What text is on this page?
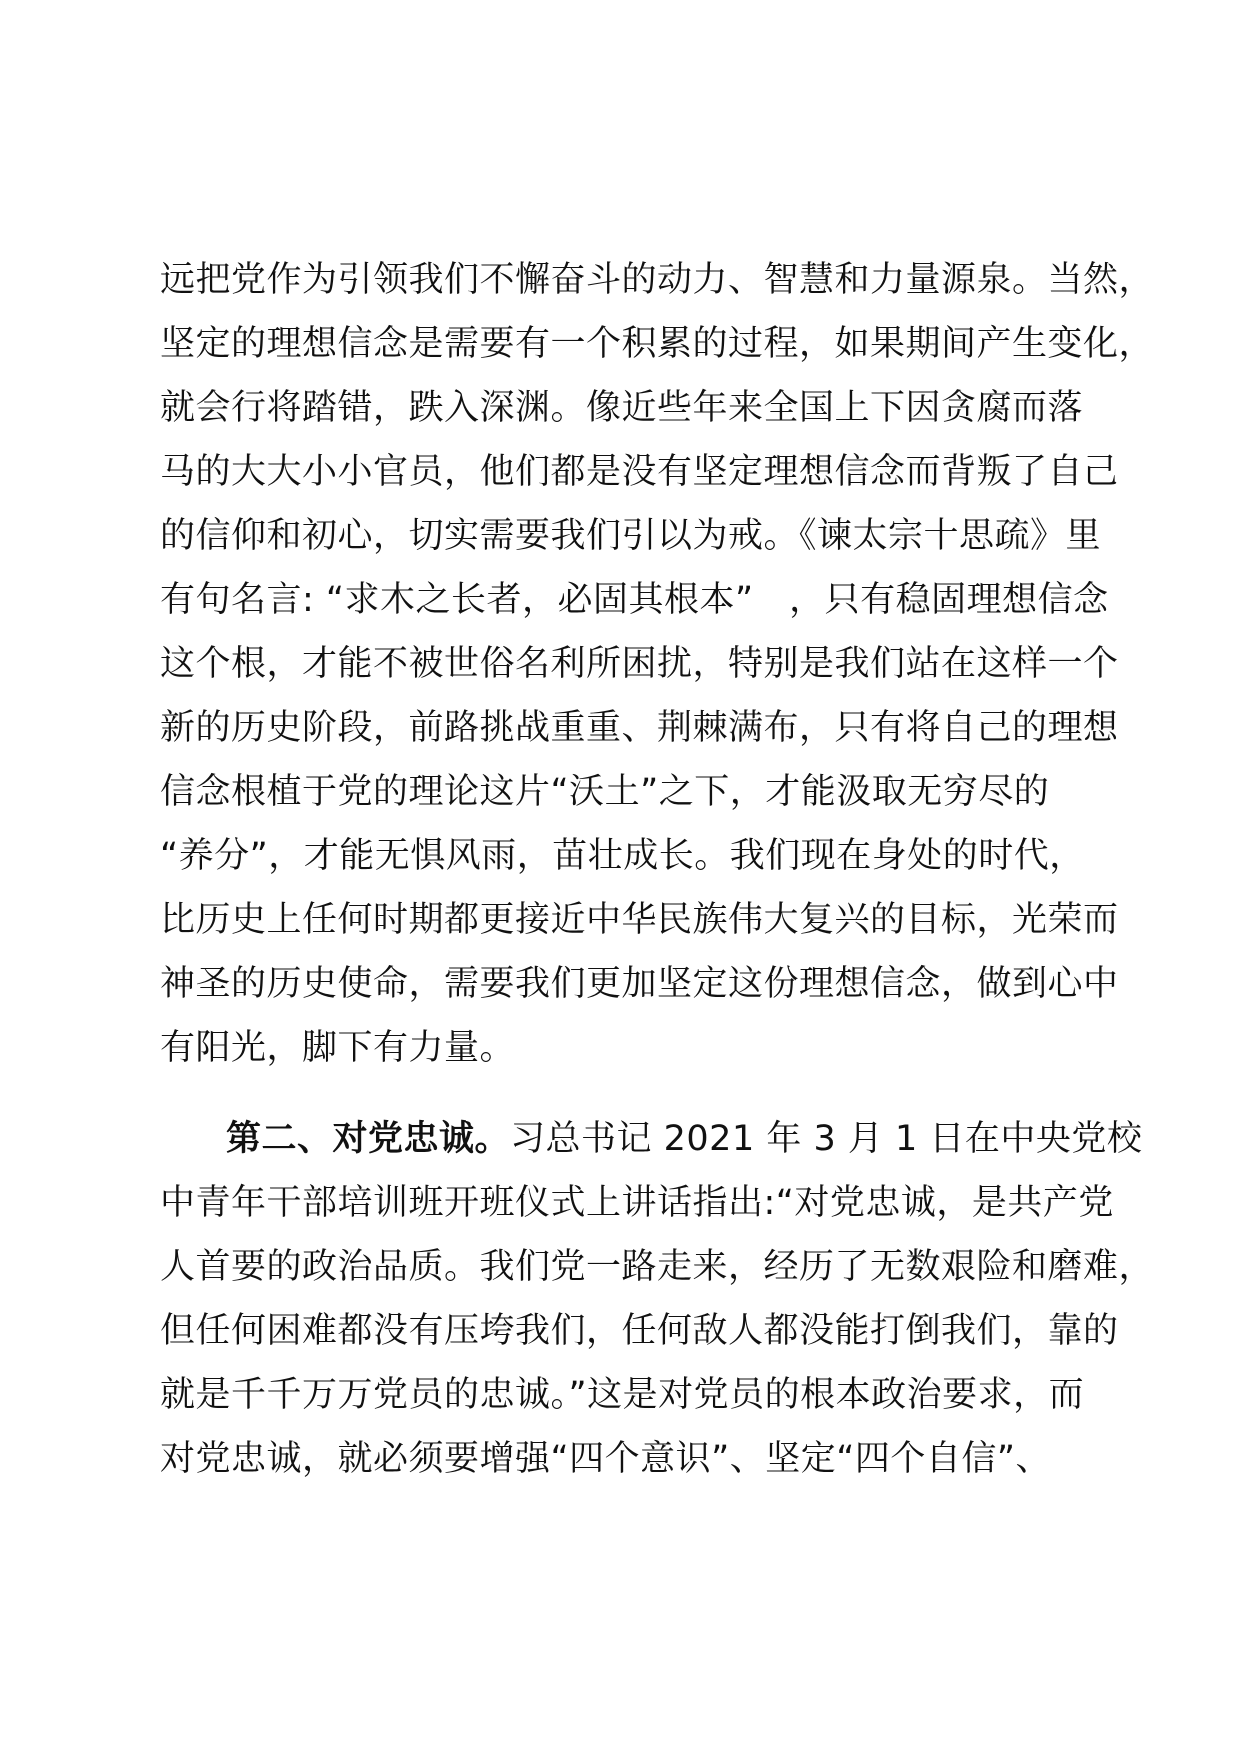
远把党作为引领我们不懈奋斗的动力、智慧和力量源泉。当然，
坚定的理想信念是需要有一个积累的过程，如果期间产生变化，
就会行将踏错，跌入深渊。像近些年来全国上下因贪腐而落
马的大大小小官员，他们都是没有坚定理想信念而背叛了自己
的信仰和初心，切实需要我们引以为戒。《谏太宗十思疏》里
有句名言: “求木之长者，必固其根本”　，只有稳固理想信念
这个根，才能不被世俗名利所困扰，特别是我们站在这样一个
新的历史阶段，前路挑战重重、荆棘满布，只有将自己的理想
信念根植于党的理论这片“沃土”之下，才能汲取无穷尽的
“养分”，才能无惧风雨，苗壮成长。我们现在身处的时代，
比历史上任何时期都更接近中华民族伟大复兴的目标，光荣而
神圣的历史使命，需要我们更加坚定这份理想信念，做到心中
有阳光，脚下有力量。
第二、对党忠诚。习总书记 2021 年 3 月 1 日在中央党校
中青年干部培训班开班仪式上讲话指出:“对党忠诚，是共产党
人首要的政治品质。我们党一路走来，经历了无数艰险和磨难，
但任何困难都没有压垮我们，任何敌人都没能打倒我们，靠的
就是千千万万党员的忠诚。”这是对党员的根本政治要求，而
对党忠诚，就必须要增强“四个意识”、坚定“四个自信”、
